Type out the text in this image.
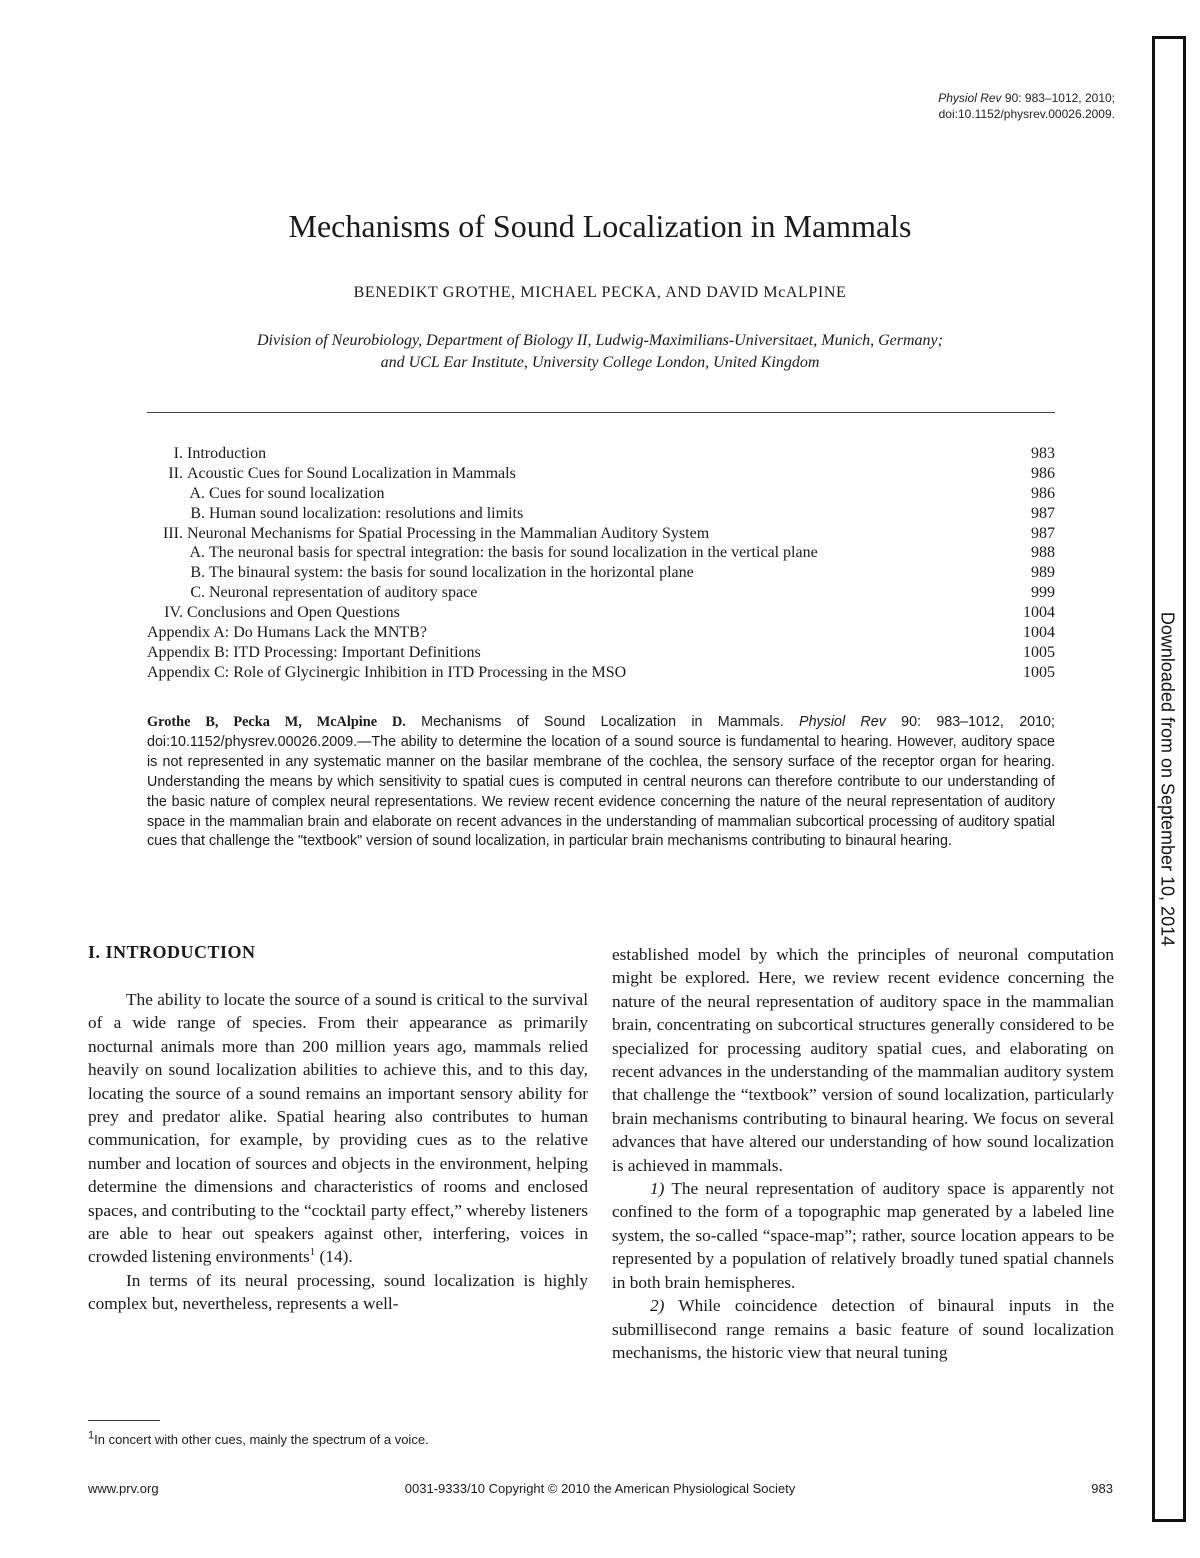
Physiol Rev 90: 983–1012, 2010;
doi:10.1152/physrev.00026.2009.
Mechanisms of Sound Localization in Mammals
BENEDIKT GROTHE, MICHAEL PECKA, AND DAVID McALPINE
Division of Neurobiology, Department of Biology II, Ludwig-Maximilians-Universitaet, Munich, Germany;
and UCL Ear Institute, University College London, United Kingdom
I. Introduction	983
II. Acoustic Cues for Sound Localization in Mammals	986
A. Cues for sound localization	986
B. Human sound localization: resolutions and limits	987
III. Neuronal Mechanisms for Spatial Processing in the Mammalian Auditory System	987
A. The neuronal basis for spectral integration: the basis for sound localization in the vertical plane	988
B. The binaural system: the basis for sound localization in the horizontal plane	989
C. Neuronal representation of auditory space	999
IV. Conclusions and Open Questions	1004
Appendix A: Do Humans Lack the MNTB?	1004
Appendix B: ITD Processing: Important Definitions	1005
Appendix C: Role of Glycinergic Inhibition in ITD Processing in the MSO	1005
Grothe B, Pecka M, McAlpine D. Mechanisms of Sound Localization in Mammals. Physiol Rev 90: 983–1012, 2010; doi:10.1152/physrev.00026.2009.—The ability to determine the location of a sound source is fundamental to hearing. However, auditory space is not represented in any systematic manner on the basilar membrane of the cochlea, the sensory surface of the receptor organ for hearing. Understanding the means by which sensitivity to spatial cues is computed in central neurons can therefore contribute to our understanding of the basic nature of complex neural representations. We review recent evidence concerning the nature of the neural representation of auditory space in the mammalian brain and elaborate on recent advances in the understanding of mammalian subcortical processing of auditory spatial cues that challenge the "textbook" version of sound localization, in particular brain mechanisms contributing to binaural hearing.
I. INTRODUCTION

The ability to locate the source of a sound is critical to the survival of a wide range of species. From their appearance as primarily nocturnal animals more than 200 million years ago, mammals relied heavily on sound localization abilities to achieve this, and to this day, locating the source of a sound remains an important sensory ability for prey and predator alike. Spatial hearing also contributes to human communication, for example, by providing cues as to the relative number and location of sources and objects in the environment, helping determine the dimensions and characteristics of rooms and enclosed spaces, and contributing to the “cocktail party effect,” whereby listeners are able to hear out speakers against other, interfering, voices in crowded listening environments$^1$ (14).

In terms of its neural processing, sound localization is highly complex but, nevertheless, represents a well-

established model by which the principles of neuronal computation might be explored. Here, we review recent evidence concerning the nature of the neural representation of auditory space in the mammalian brain, concentrating on subcortical structures generally considered to be specialized for processing auditory spatial cues, and elaborating on recent advances in the understanding of the mammalian auditory system that challenge the “textbook” version of sound localization, particularly brain mechanisms contributing to binaural hearing. We focus on several advances that have altered our understanding of how sound localization is achieved in mammals.

1) The neural representation of auditory space is apparently not confined to the form of a topographic map generated by a labeled line system, the so-called “space-map”; rather, source location appears to be represented by a population of relatively broadly tuned spatial channels in both brain hemispheres.

2) While coincidence detection of binaural inputs in the submillisecond range remains a basic feature of sound localization mechanisms, the historic view that neural tuning

$^1$In concert with other cues, mainly the spectrum of a voice.
www.prv.org	0031-9333/10 Copyright © 2010 the American Physiological Society	983
Downloaded from on September 10, 2014
